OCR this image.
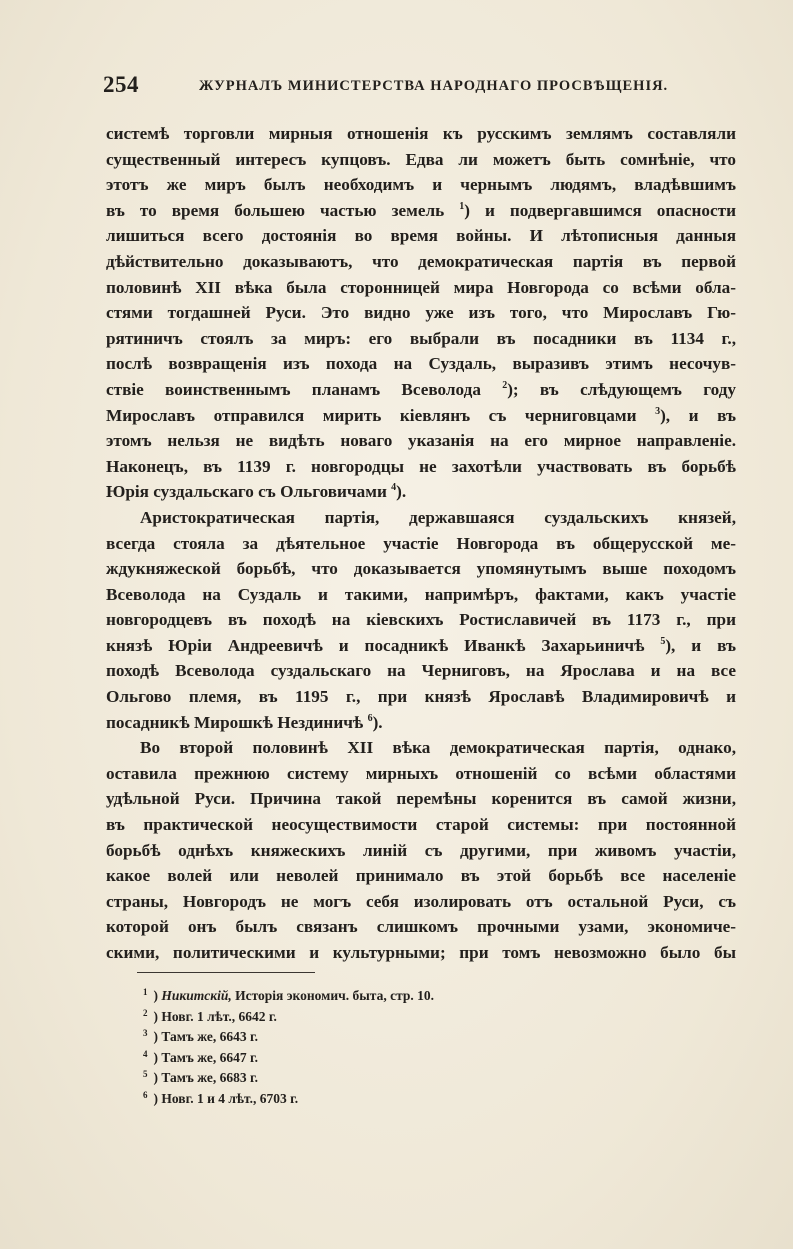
254	ЖУРНАЛЪ МИНИСТЕРСТВА НАРОДНАГО ПРОСВѢЩЕНІЯ.
системѣ торговли мирныя отношенія къ русскимъ землямъ составляли
существенный интересъ купцовъ. Едва ли можетъ быть сомнѣніе, что
этотъ же миръ былъ необходимъ и чернымъ людямъ, владѣвшимъ
въ то время большею частью земель $^1$) и подвергавшимся опасности
лишиться всего достоянія во время войны. И лѣтописныя данныя
дѣйствительно доказываютъ, что демократическая партія въ первой
половинѣ XII вѣка была сторонницей мира Новгорода со всѣми обла-
стями тогдашней Руси. Это видно уже изъ того, что Мирославъ Гю-
рятиничъ стоялъ за миръ: его выбрали въ посадники въ 1134 г.,
послѣ возвращенія изъ похода на Суздаль, выразивъ этимъ несочув-
ствіе воинственнымъ планамъ Всеволода $^2$); въ слѣдующемъ году
Мирославъ отправился мирить кіевлянъ съ черниговцами $^3$), и въ
этомъ нельзя не видѣть новаго указанія на его мирное направленіе.
Наконецъ, въ 1139 г. новгородцы не захотѣли участвовать въ борьбѣ
Юрія суздальскаго съ Ольговичами $^4$).
Аристократическая партія, державшаяся суздальскихъ князей,
всегда стояла за дѣятельное участіе Новгорода въ общерусской ме-
ждукняжеской борьбѣ, что доказывается упомянутымъ выше походомъ
Всеволода на Суздаль и такими, напримѣръ, фактами, какъ участіе
новгородцевъ въ походѣ на кіевскихъ Ростиславичей въ 1173 г., при
князѣ Юріи Андреевичѣ и посадникѣ Иванкѣ Захарьиничѣ $^5$), и въ
походѣ Всеволода суздальскаго на Черниговъ, на Ярослава и на все
Ольгово племя, въ 1195 г., при князѣ Ярославѣ Владимировичѣ и
посадникѣ Мирошкѣ Нездиничѣ $^6$).
Во второй половинѣ XII вѣка демократическая партія, однако,
оставила прежнюю систему мирныхъ отношеній со всѣми областями
удѣльной Руси. Причина такой перемѣны коренится въ самой жизни,
въ практической неосуществимости старой системы: при постоянной
борьбѣ однѣхъ княжескихъ линій съ другими, при живомъ участіи,
какое волей или неволей принимало въ этой борьбѣ все населеніе
страны, Новгородъ не могъ себя изолировать отъ остальной Руси, съ
которой онъ былъ связанъ слишкомъ прочными узами, экономиче-
скими, политическими и культурными; при томъ невозможно было бы
$^1$ ) Никитскій, Исторія экономич. быта, стр. 10.
$^2$ ) Новг. 1 лѣт., 6642 г.
$^3$ ) Тамъ же, 6643 г.
$^4$ ) Тамъ же, 6647 г.
$^5$ ) Тамъ же, 6683 г.
$^6$ ) Новг. 1 и 4 лѣт., 6703 г.
